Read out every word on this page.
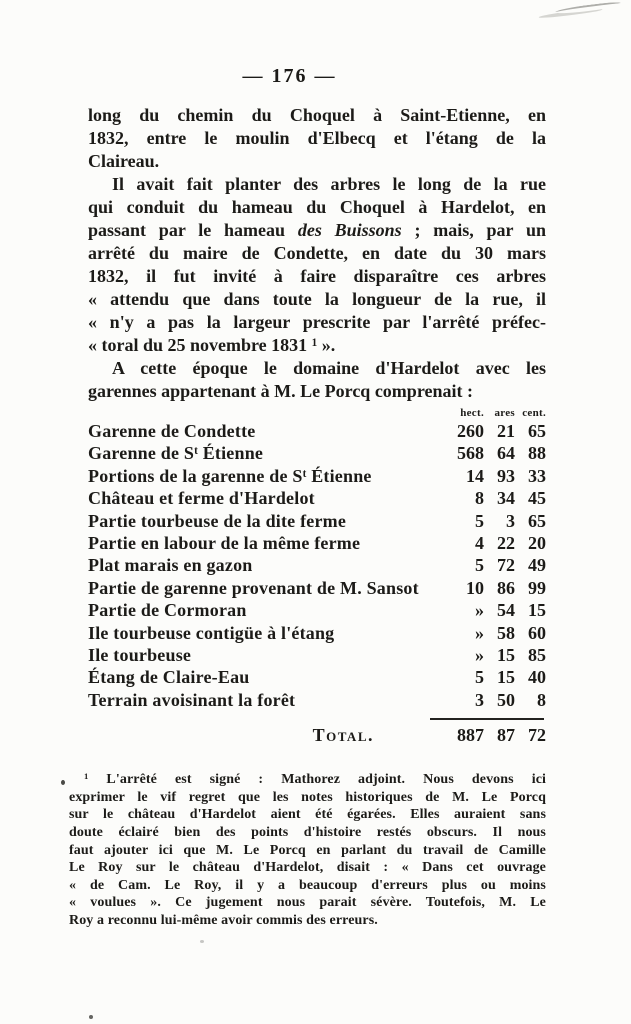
— 176 —
long du chemin du Choquel à Saint-Etienne, en
1832, entre le moulin d'Elbecq et l'étang de la
Claireau.
Il avait fait planter des arbres le long de la rue
qui conduit du hameau du Choquel à Hardelot, en
passant par le hameau des Buissons ; mais, par un
arrêté du maire de Condette, en date du 30 mars
1832, il fut invité à faire disparaître ces arbres
« attendu que dans toute la longueur de la rue, il
« n'y a pas la largeur prescrite par l'arrêté préfec-
« toral du 25 novembre 1831 $^1$ ».
A cette époque le domaine d'Hardelot avec les
garennes appartenant à M. Le Porcq comprenait :
hect. ares cent.
Garenne de Condette	260 21 65
Garenne de $S^t$ Étienne	568 64 88
Portions de la garenne de $S^t$ Étienne	14 93 33
Château et ferme d'Hardelot	8 34 45
Partie tourbeuse de la dite ferme	5	3 65
Partie en labour de la même ferme	4 22 20
Plat marais en gazon	5 72 49
Partie de garenne provenant de M. Sansot	10 86 99
Partie de Cormoran	» 54 15
Ile tourbeuse contigüe à l'étang	» 58 60
Ile tourbeuse	» 15 85
Étang de Claire-Eau	5 15 40
Terrain avoisinant la forêt	3 50	8
Total.	887 87 72
$^1$ L'arrêté est signé : Mathorez adjoint. Nous devons ici
exprimer le vif regret que les notes historiques de M. Le Porcq
sur le château d'Hardelot aient été égarées. Elles auraient sans
doute éclairé bien des points d'histoire restés obscurs. Il nous
faut ajouter ici que M. Le Porcq en parlant du travail de Camille
Le Roy sur le château d'Hardelot, disait : « Dans cet ouvrage
« de Cam. Le Roy, il y a beaucoup d'erreurs plus ou moins
« voulues ». Ce jugement nous parait sévère. Toutefois, M. Le
Roy a reconnu lui-même avoir commis des erreurs.
